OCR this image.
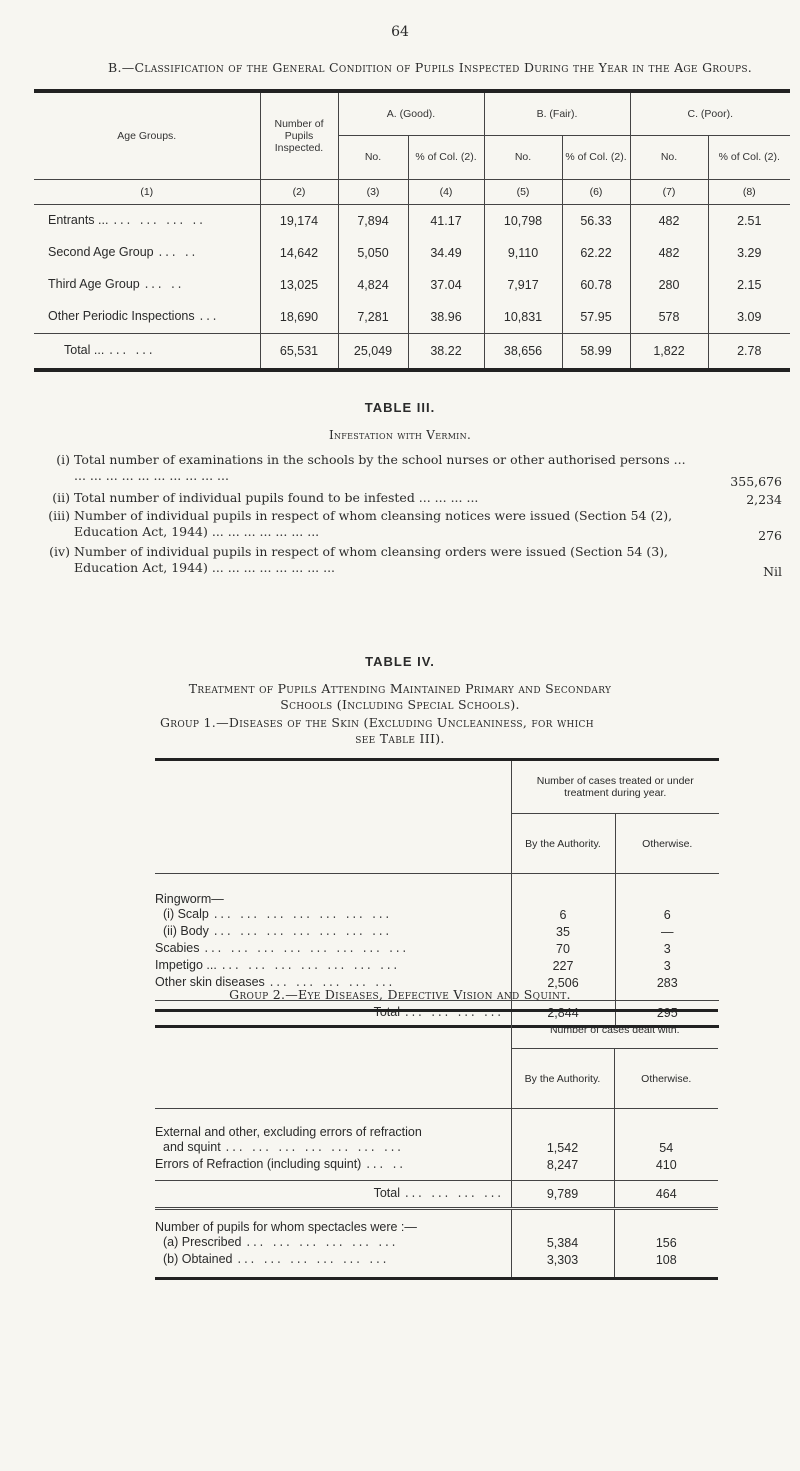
64
B.—Classification of the General Condition of Pupils Inspected During the Year in the Age Groups.
Age Groups.	Number of Pupils Inspected.	A. (Good).		B. (Fair).		C. (Poor).	
		No.	% of Col. (2).	No.	% of Col. (2).	No.	% of Col. (2).
(1)	(2)	(3)	(4)	(5)	(6)	(7)	(8)
Entrants ... ... ... ... ..	19,174	7,894	41.17	10,798	56.33	482	2.51
Second Age Group ... ..	14,642	5,050	34.49	9,110	62.22	482	3.29
Third Age Group ... ..	13,025	4,824	37.04	7,917	60.78	280	2.15
Other Periodic Inspections ...	18,690	7,281	38.96	10,831	57.95	578	3.09
Total ... ... ...	65,531	25,049	38.22	38,656	58.99	1,822	2.78
TABLE III.
Infestation with Vermin.
(i) Total number of examinations in the schools by the school nurses or other authorised persons ... ... ... ... ... ... ... ... ... ... ...	355,676
(ii) Total number of individual pupils found to be infested ... ... ... ...	2,234
(iii) Number of individual pupils in respect of whom cleansing notices were issued (Section 54 (2), Education Act, 1944) ... ... ... ... ... ... ...	276
(iv) Number of individual pupils in respect of whom cleansing orders were issued (Section 54 (3), Education Act, 1944) ... ... ... ... ... ... ... ...	Nil
TABLE IV.
Treatment of Pupils Attending Maintained Primary and Secondary
Schools (Including Special Schools).
Group 1.—Diseases of the Skin (Excluding Uncleaniness, for which
see Table III).
	Number of cases treated or under treatment during year.	
	By the Authority.	Otherwise.

Ringworm—		
(i) Scalp ... ... ... ... ... ... ...	6	6
(ii) Body ... ... ... ... ... ... ...	35	—
Scabies ... ... ... ... ... ... ... ...	70	3
Impetigo ... ... ... ... ... ... ... ...	227	3
Other skin diseases ... ... ... ... ...	2,506	283

Total ... ... ... ...	2,844	295
Group 2.—Eye Diseases, Defective Vision and Squint.
	Number of cases dealt with.	
	By the Authority.	Otherwise.

External and other, excluding errors of refraction		
and squint ... ... ... ... ... ... ...	1,542	54
Errors of Refraction (including squint) ... ..	8,247	410

Total ... ... ... ...	9,789	464

Number of pupils for whom spectacles were :—		
(a) Prescribed ... ... ... ... ... ...	5,384	156
(b) Obtained ... ... ... ... ... ...	3,303	108
